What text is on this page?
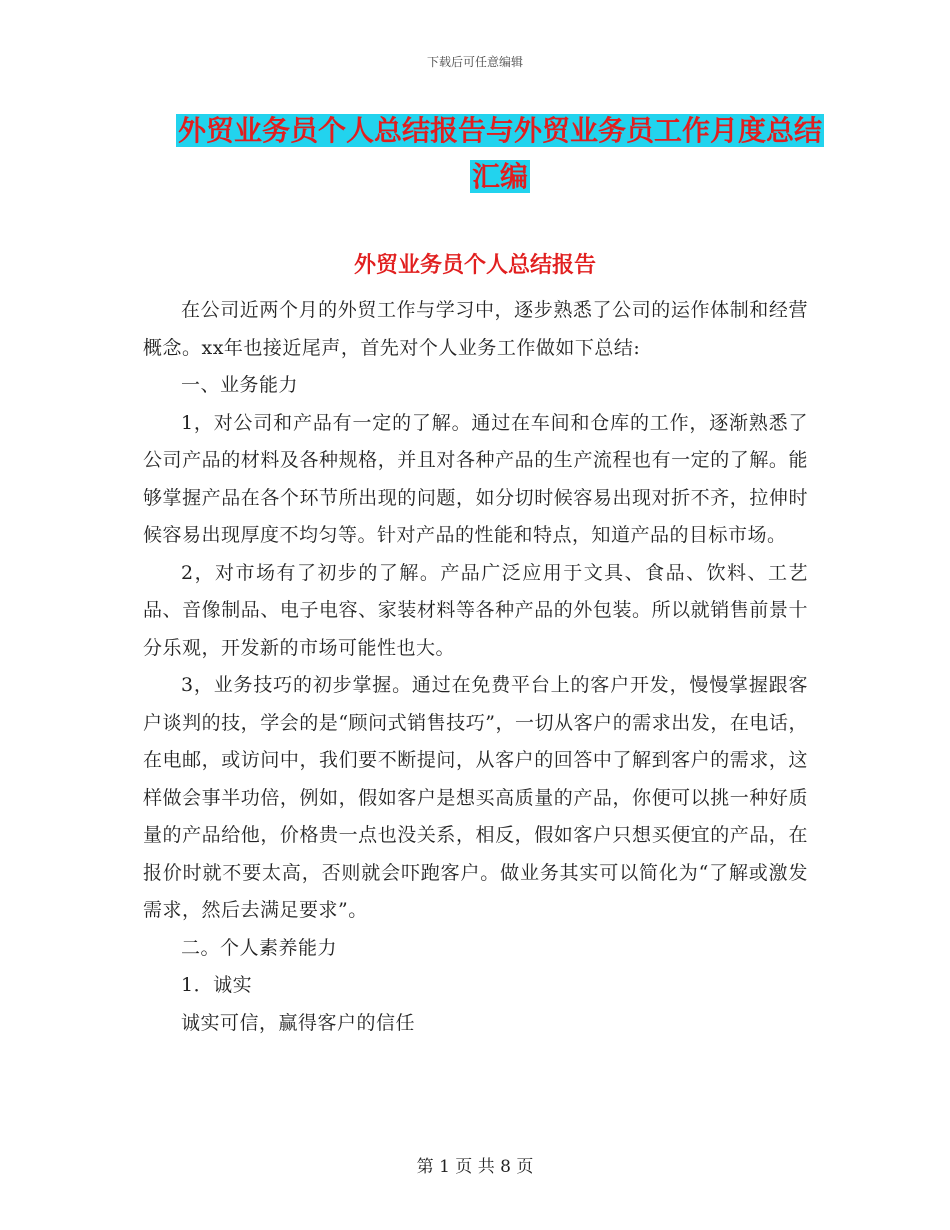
下载后可任意编辑
外贸业务员个人总结报告与外贸业务员工作月度总结
汇编
外贸业务员个人总结报告

在公司近两个月的外贸工作与学习中，逐步熟悉了公司的运作体制和经营概念。xx年也接近尾声，首先对个人业务工作做如下总结:

一、业务能力

1，对公司和产品有一定的了解。通过在车间和仓库的工作，逐渐熟悉了公司产品的材料及各种规格，并且对各种产品的生产流程也有一定的了解。能够掌握产品在各个环节所出现的问题，如分切时候容易出现对折不齐，拉伸时候容易出现厚度不均匀等。针对产品的性能和特点，知道产品的目标市场。

2，对市场有了初步的了解。产品广泛应用于文具、食品、饮料、工艺品、音像制品、电子电容、家装材料等各种产品的外包装。所以就销售前景十分乐观，开发新的市场可能性也大。

3，业务技巧的初步掌握。通过在免费平台上的客户开发，慢慢掌握跟客户谈判的技，学会的是“顾问式销售技巧”，一切从客户的需求出发，在电话，在电邮，或访问中，我们要不断提问，从客户的回答中了解到客户的需求，这样做会事半功倍，例如，假如客户是想买高质量的产品，你便可以挑一种好质量的产品给他，价格贵一点也没关系，相反，假如客户只想买便宜的产品，在报价时就不要太高，否则就会吓跑客户。做业务其实可以简化为“了解或激发需求，然后去满足要求”。

二。个人素养能力

1．诚实

诚实可信，赢得客户的信任

第 1 页 共 8 页
